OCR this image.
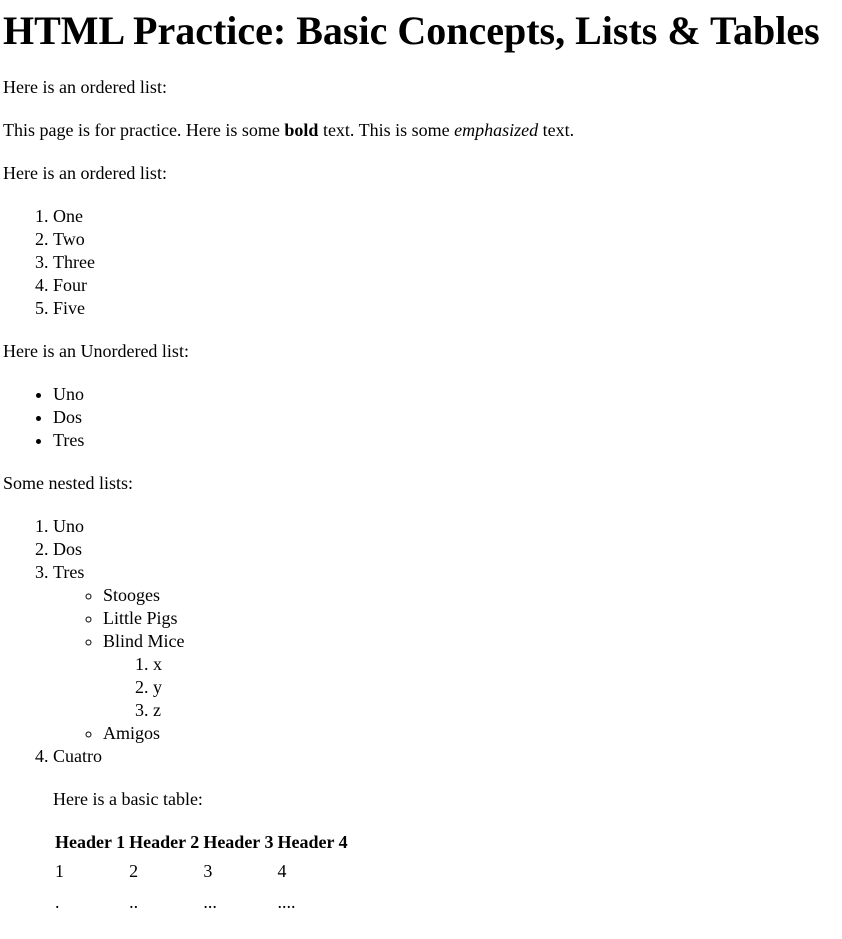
HTML Practice: Basic Concepts, Lists & Tables

Here is an ordered list:

This page is for practice. Here is some bold text. This is some emphasized text.

Here is an ordered list:

1. One
2. Two
3. Three
4. Four
5. Five

Here is an Unordered list:

• Uno
• Dos
• Tres

Some nested lists:

1. Uno
2. Dos
3. Tres
◦ Stooges
◦ Little Pigs
◦ Blind Mice
1. x
2. y
3. z
◦ Amigos
4. Cuatro

Here is a basic table:

Header 1	Header 2	Header 3	Header 4
1	2	3	4
.	..	...	....
